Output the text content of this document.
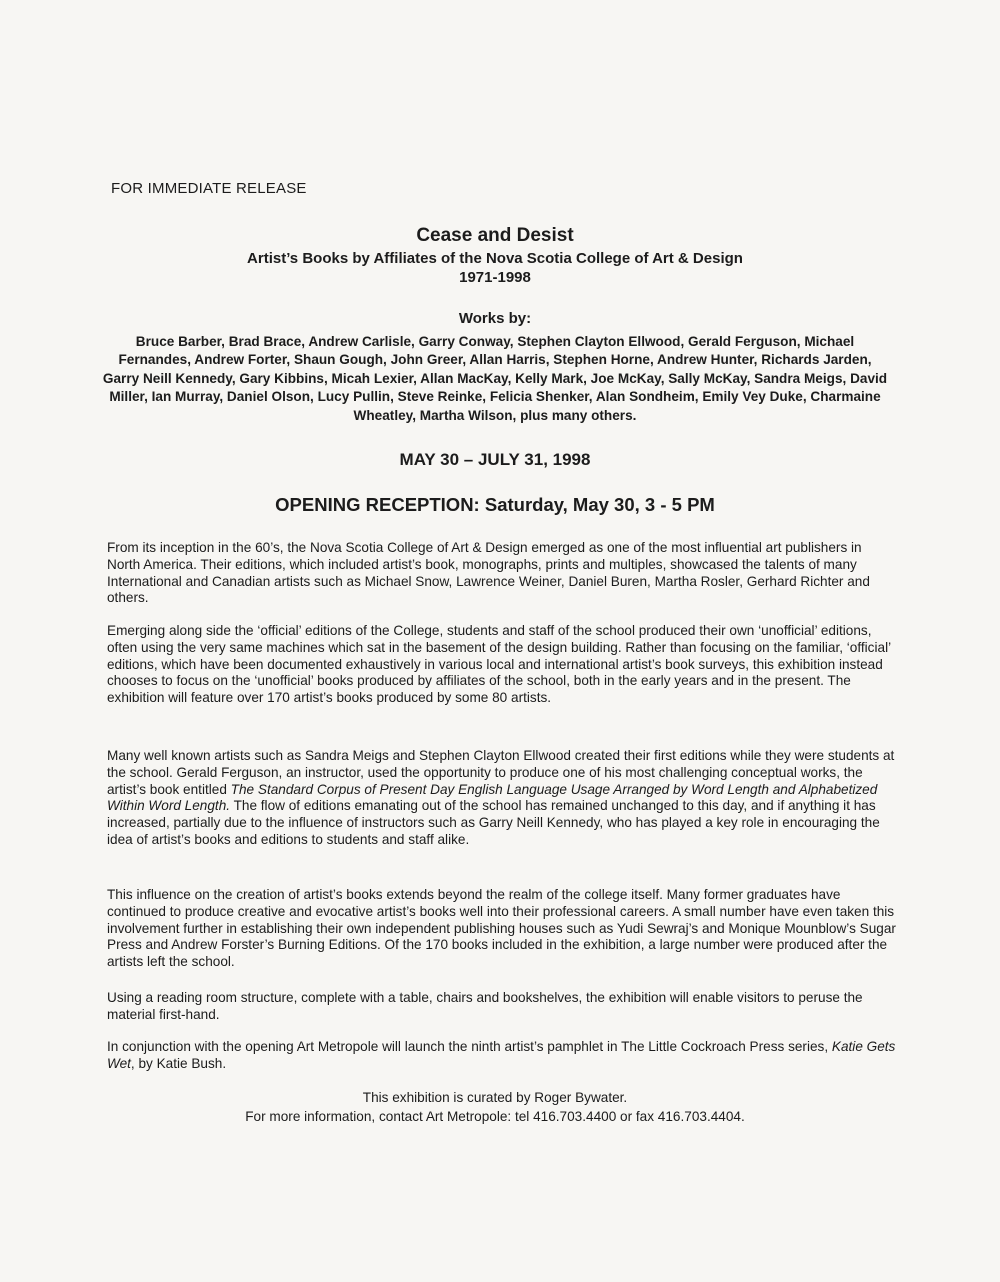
FOR IMMEDIATE RELEASE
Cease and Desist
Artist’s Books by Affiliates of the Nova Scotia College of Art & Design
1971-1998
Works by:
Bruce Barber, Brad Brace, Andrew Carlisle, Garry Conway, Stephen Clayton Ellwood, Gerald Ferguson, Michael Fernandes, Andrew Forter, Shaun Gough, John Greer, Allan Harris, Stephen Horne, Andrew Hunter, Richards Jarden, Garry Neill Kennedy, Gary Kibbins, Micah Lexier, Allan MacKay, Kelly Mark, Joe McKay, Sally McKay, Sandra Meigs, David Miller, Ian Murray, Daniel Olson, Lucy Pullin, Steve Reinke, Felicia Shenker, Alan Sondheim, Emily Vey Duke, Charmaine Wheatley, Martha Wilson, plus many others.
MAY 30 – JULY 31, 1998
OPENING RECEPTION: Saturday, May 30, 3 - 5 PM

From its inception in the 60’s, the Nova Scotia College of Art & Design emerged as one of the most influential art publishers in North America. Their editions, which included artist’s book, monographs, prints and multiples, showcased the talents of many International and Canadian artists such as Michael Snow, Lawrence Weiner, Daniel Buren, Martha Rosler, Gerhard Richter and others.

Emerging along side the ‘official’ editions of the College, students and staff of the school produced their own ‘unofficial’ editions, often using the very same machines which sat in the basement of the design building. Rather than focusing on the familiar, ‘official’ editions, which have been documented exhaustively in various local and international artist’s book surveys, this exhibition instead chooses to focus on the ‘unofficial’ books produced by affiliates of the school, both in the early years and in the present. The exhibition will feature over 170 artist’s books produced by some 80 artists.

Many well known artists such as Sandra Meigs and Stephen Clayton Ellwood created their first editions while they were students at the school. Gerald Ferguson, an instructor, used the opportunity to produce one of his most challenging conceptual works, the artist’s book entitled The Standard Corpus of Present Day English Language Usage Arranged by Word Length and Alphabetized Within Word Length. The flow of editions emanating out of the school has remained unchanged to this day, and if anything it has increased, partially due to the influence of instructors such as Garry Neill Kennedy, who has played a key role in encouraging the idea of artist’s books and editions to students and staff alike.

This influence on the creation of artist’s books extends beyond the realm of the college itself. Many former graduates have continued to produce creative and evocative artist’s books well into their professional careers. A small number have even taken this involvement further in establishing their own independent publishing houses such as Yudi Sewraj’s and Monique Mounblow’s Sugar Press and Andrew Forster’s Burning Editions. Of the 170 books included in the exhibition, a large number were produced after the artists left the school.

Using a reading room structure, complete with a table, chairs and bookshelves, the exhibition will enable visitors to peruse the material first-hand.

In conjunction with the opening Art Metropole will launch the ninth artist’s pamphlet in The Little Cockroach Press series, Katie Gets Wet, by Katie Bush.

This exhibition is curated by Roger Bywater.
For more information, contact Art Metropole: tel 416.703.4400 or fax 416.703.4404.
